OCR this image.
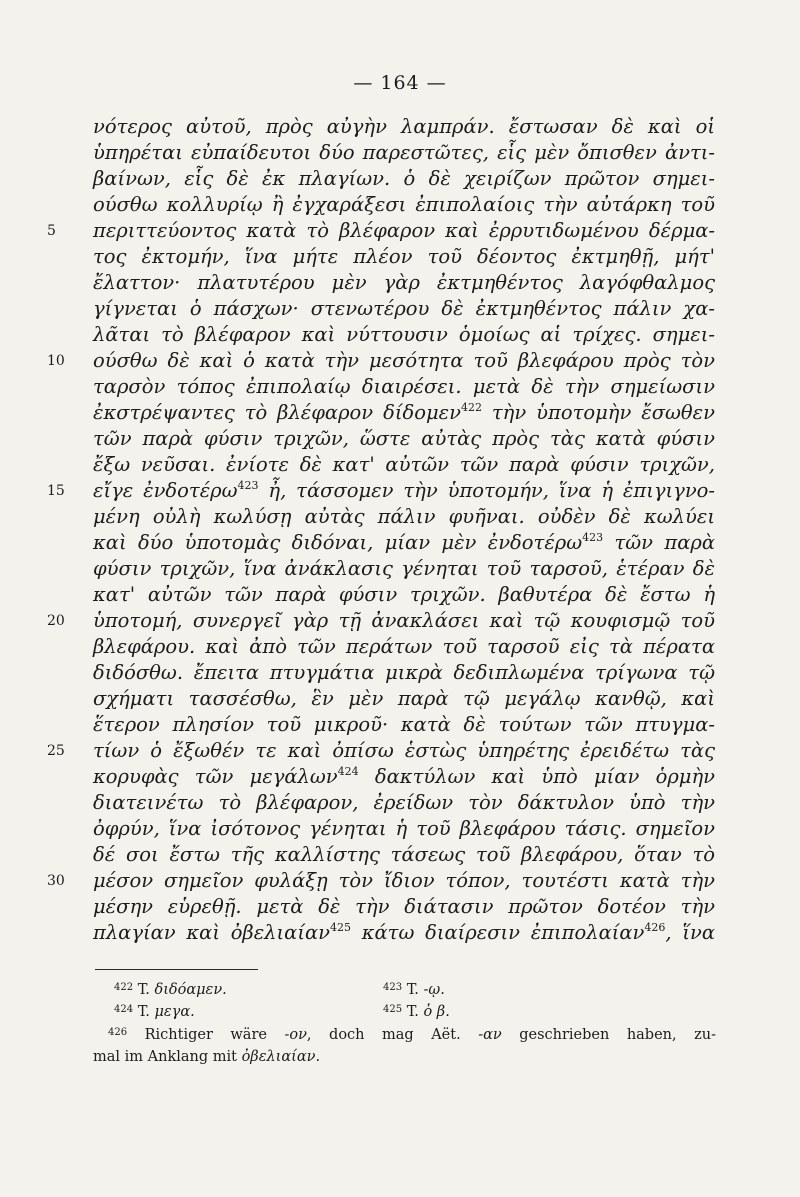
— 164 —
νότερος αὐτοῦ, πρὸς αὐγὴν λαμπράν. ἔστωσαν δὲ καὶ οἱ
ὑπηρέται εὐπαίδευτοι δύο παρεστῶτες, εἷς μὲν ὄπισθεν ἀντι-
βαίνων, εἷς δὲ ἐκ πλαγίων. ὁ δὲ χειρίζων πρῶτον σημει-
ούσθω κολλυρίῳ ἢ ἐγχαράξεσι ἐπιπολαίοις τὴν αὐτάρκη τοῦ
5	περιττεύοντος κατὰ τὸ βλέφαρον καὶ ἐρρυτιδωμένου δέρμα-
τος ἐκτομήν, ἵνα μήτε πλέον τοῦ δέοντος ἐκτμηθῇ, μήτ'
ἔλαττον· πλατυτέρου μὲν γὰρ ἐκτμηθέντος λαγόφθαλμος
γίγνεται ὁ πάσχων· στενωτέρου δὲ ἐκτμηθέντος πάλιν χα-
λᾶται τὸ βλέφαρον καὶ νύττουσιν ὁμοίως αἱ τρίχες. σημει-
10	ούσθω δὲ καὶ ὁ κατὰ τὴν μεσότητα τοῦ βλεφάρου πρὸς τὸν
ταρσὸν τόπος ἐπιπολαίῳ διαιρέσει. μετὰ δὲ τὴν σημείωσιν
ἐκστρέψαντες τὸ βλέφαρον δίδομεν$^{422}$ τὴν ὑποτομὴν ἔσωθεν
τῶν παρὰ φύσιν τριχῶν, ὥστε αὐτὰς πρὸς τὰς κατὰ φύσιν
ἔξω νεῦσαι. ἐνίοτε δὲ κατ' αὐτῶν τῶν παρὰ φύσιν τριχῶν,
15	εἴγε ἐνδοτέρω$^{423}$ ἦ, τάσσομεν τὴν ὑποτομήν, ἵνα ἡ ἐπιγιγνο-
μένη οὐλὴ κωλύσῃ αὐτὰς πάλιν φυῆναι. οὐδὲν δὲ κωλύει
καὶ δύο ὑποτομὰς διδόναι, μίαν μὲν ἐνδοτέρω$^{423}$ τῶν παρὰ
φύσιν τριχῶν, ἵνα ἀνάκλασις γένηται τοῦ ταρσοῦ, ἑτέραν δὲ
κατ' αὐτῶν τῶν παρὰ φύσιν τριχῶν. βαθυτέρα δὲ ἔστω ἡ
20	ὑποτομή, συνεργεῖ γὰρ τῇ ἀνακλάσει καὶ τῷ κουφισμῷ τοῦ
βλεφάρου. καὶ ἀπὸ τῶν περάτων τοῦ ταρσοῦ εἰς τὰ πέρατα
διδόσθω. ἔπειτα πτυγμάτια μικρὰ δεδιπλωμένα τρίγωνα τῷ
σχήματι τασσέσθω, ἓν μὲν παρὰ τῷ μεγάλῳ κανθῷ, καὶ
ἕτερον πλησίον τοῦ μικροῦ· κατὰ δὲ τούτων τῶν πτυγμα-
25	τίων ὁ ἔξωθέν τε καὶ ὀπίσω ἑστὼς ὑπηρέτης ἐρειδέτω τὰς
κορυφὰς τῶν μεγάλων$^{424}$ δακτύλων καὶ ὑπὸ μίαν ὁρμὴν
διατεινέτω τὸ βλέφαρον, ἐρείδων τὸν δάκτυλον ὑπὸ τὴν
ὀφρύν, ἵνα ἰσότονος γένηται ἡ τοῦ βλεφάρου τάσις. σημεῖον
δέ σοι ἔστω τῆς καλλίστης τάσεως τοῦ βλεφάρου, ὅταν τὸ
30	μέσον σημεῖον φυλάξῃ τὸν ἴδιον τόπον, τουτέστι κατὰ τὴν
μέσην εὑρεθῇ. μετὰ δὲ τὴν διάτασιν πρῶτον δοτέον τὴν
πλαγίαν καὶ ὀβελιαίαν$^{425}$ κάτω διαίρεσιν ἐπιπολαίαν$^{426}$, ἵνα
$^{422}$ T. διδόαμεν.	$^{423}$ T. -ῳ.
$^{424}$ T. μεγα.	$^{425}$ T. ὁ β.
$^{426}$ Richtiger wäre -ον, doch mag Aët. -αν geschrieben haben, zu-
mal im Anklang mit ὀβελιαίαν.
